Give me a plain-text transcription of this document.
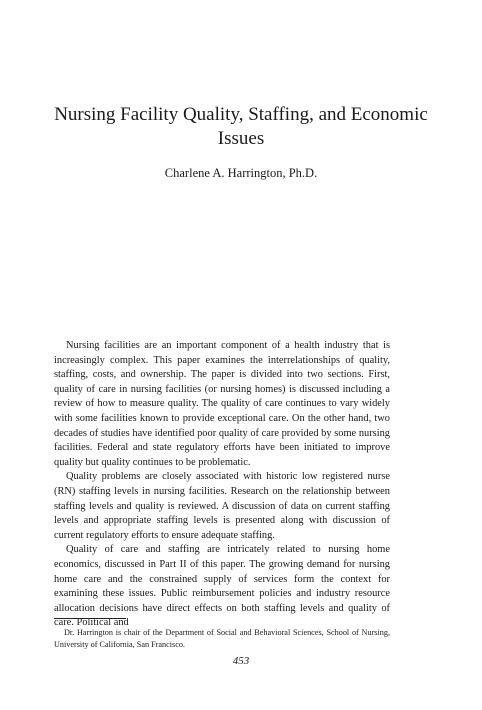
Nursing Facility Quality, Staffing, and Economic Issues

Charlene A. Harrington, Ph.D.

Nursing facilities are an important component of a health industry that is increasingly complex. This paper examines the interrelationships of quality, staffing, costs, and ownership. The paper is divided into two sections. First, quality of care in nursing facilities (or nursing homes) is discussed including a review of how to measure quality. The quality of care continues to vary widely with some facilities known to provide exceptional care. On the other hand, two decades of studies have identified poor quality of care provided by some nursing facilities. Federal and state regulatory efforts have been initiated to improve quality but quality continues to be problematic.

Quality problems are closely associated with historic low registered nurse (RN) staffing levels in nursing facilities. Research on the relationship between staffing levels and quality is reviewed. A discussion of data on current staffing levels and appropriate staffing levels is presented along with discussion of current regulatory efforts to ensure adequate staffing.

Quality of care and staffing are intricately related to nursing home economics, discussed in Part II of this paper. The growing demand for nursing home care and the constrained supply of services form the context for examining these issues. Public reimbursement policies and industry resource allocation decisions have direct effects on both staffing levels and quality of care. Political and

Dr. Harrington is chair of the Department of Social and Behavioral Sciences, School of Nursing, University of California, San Francisco.

453
